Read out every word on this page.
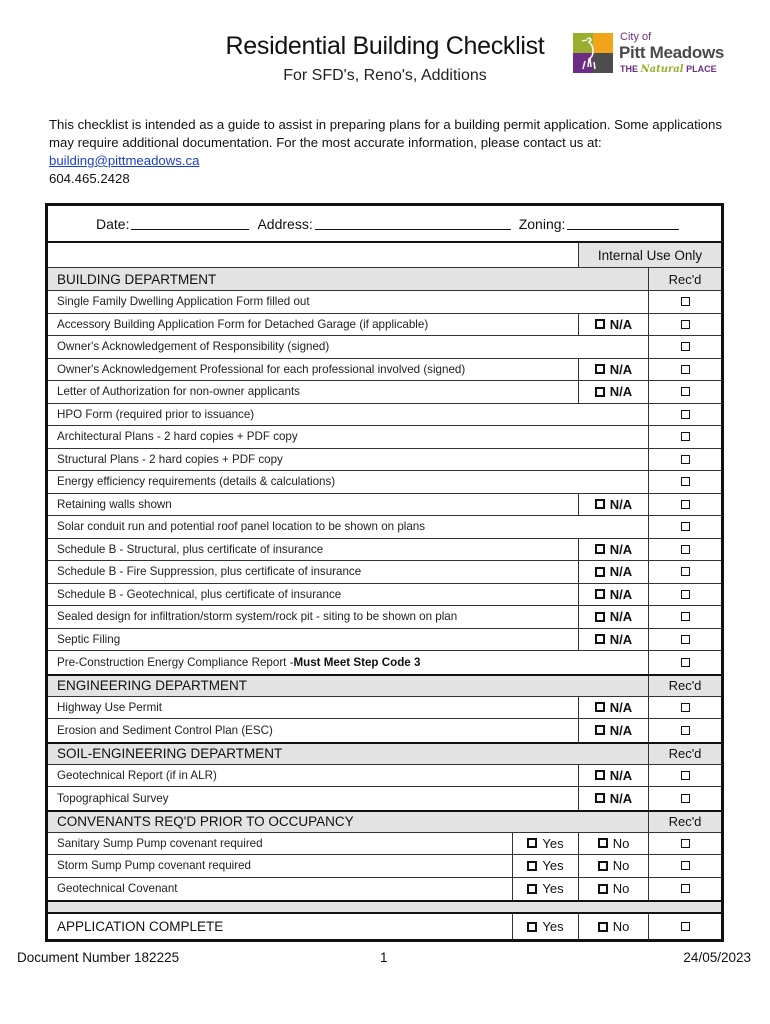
Residential Building Checklist
For SFD's, Reno's, Additions
City of
Pitt Meadows
THE Natural PLACE
This checklist is intended as a guide to assist in preparing plans for a building permit application. Some applications may require additional documentation. For the most accurate information, please contact us at:
building@pittmeadows.ca
604.465.2428
Date:	Address:	Zoning:
Internal Use Only
BUILDING DEPARTMENT	Rec'd
Single Family Dwelling Application Form filled out
Accessory Building Application Form for Detached Garage (if applicable)	N/A
Owner's Acknowledgement of Responsibility (signed)
Owner's Acknowledgement Professional for each professional involved (signed)	N/A
Letter of Authorization for non-owner applicants	N/A
HPO Form (required prior to issuance)
Architectural Plans - 2 hard copies + PDF copy
Structural Plans - 2 hard copies + PDF copy
Energy efficiency requirements (details & calculations)
Retaining walls shown	N/A
Solar conduit run and potential roof panel location to be shown on plans
Schedule B - Structural, plus certificate of insurance	N/A
Schedule B - Fire Suppression, plus certificate of insurance	N/A
Schedule B - Geotechnical, plus certificate of insurance	N/A
Sealed design for infiltration/storm system/rock pit - siting to be shown on plan	N/A
Septic Filing	N/A
Pre-Construction Energy Compliance Report - Must Meet Step Code 3
ENGINEERING DEPARTMENT	Rec'd
Highway Use Permit	N/A
Erosion and Sediment Control Plan (ESC)	N/A
SOIL-ENGINEERING DEPARTMENT	Rec'd
Geotechnical Report (if in ALR)	N/A
Topographical Survey	N/A
CONVENANTS REQ'D PRIOR TO OCCUPANCY	Rec'd
Sanitary Sump Pump covenant required	Yes	No
Storm Sump Pump covenant required	Yes	No
Geotechnical Covenant	Yes	No
APPLICATION COMPLETE	Yes	No
Document Number 182225	1	24/05/2023
